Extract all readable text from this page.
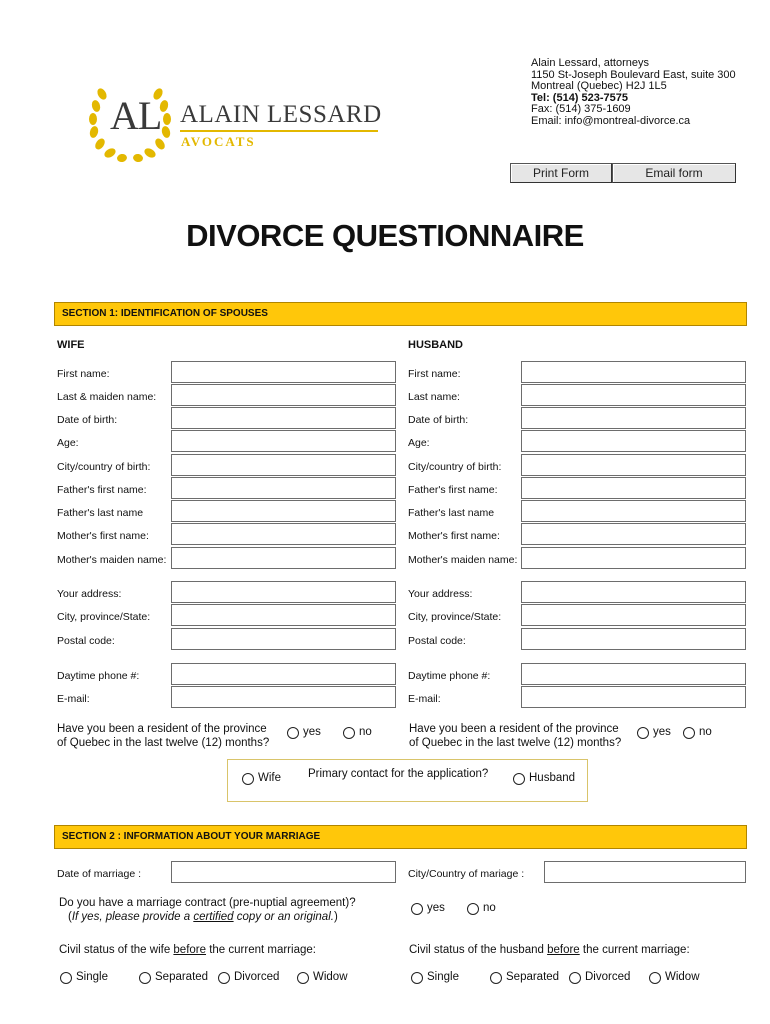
Alain Lessard, attorneys
1150 St-Joseph Boulevard East, suite 300
Montreal (Quebec) H2J 1L5
Tel: (514) 523-7575
Fax: (514) 375-1609
Email: info@montreal-divorce.ca
AL ALAIN LESSARD
AVOCATS
Print Form	Email form
DIVORCE QUESTIONNAIRE
SECTION 1: IDENTIFICATION OF SPOUSES
WIFE	HUSBAND
First name:
Last & maiden name:
Date of birth:
Age:
City/country of birth:
Father's first name:
Father's last name
Mother's first name:
Mother's maiden name:
First name:
Last name:
Date of birth:
Age:
City/country of birth:
Father's first name:
Father's last name
Mother's first name:
Mother's maiden name:
Your address:
City, province/State:
Postal code:
Your address:
City, province/State:
Postal code:
Daytime phone #:
E-mail:
Daytime phone #:
E-mail:
Have you been a resident of the province
of Quebec in the last twelve (12) months?
yes	no	Have you been a resident of the province
of Quebec in the last twelve (12) months?
yes no
Wife Primary contact for the application?	Husband
SECTION 2 : INFORMATION ABOUT YOUR MARRIAGE
Date of marriage :	City/Country of mariage :
Do you have a marriage contract (pre-nuptial agreement)?
(If yes, please provide a certified copy or an original.)
yes	no
Civil status of the wife before the current marriage:	Civil status of the husband before the current marriage:
Single	Separated Divorced	Widow	Single	Separated Divorced	Widow
